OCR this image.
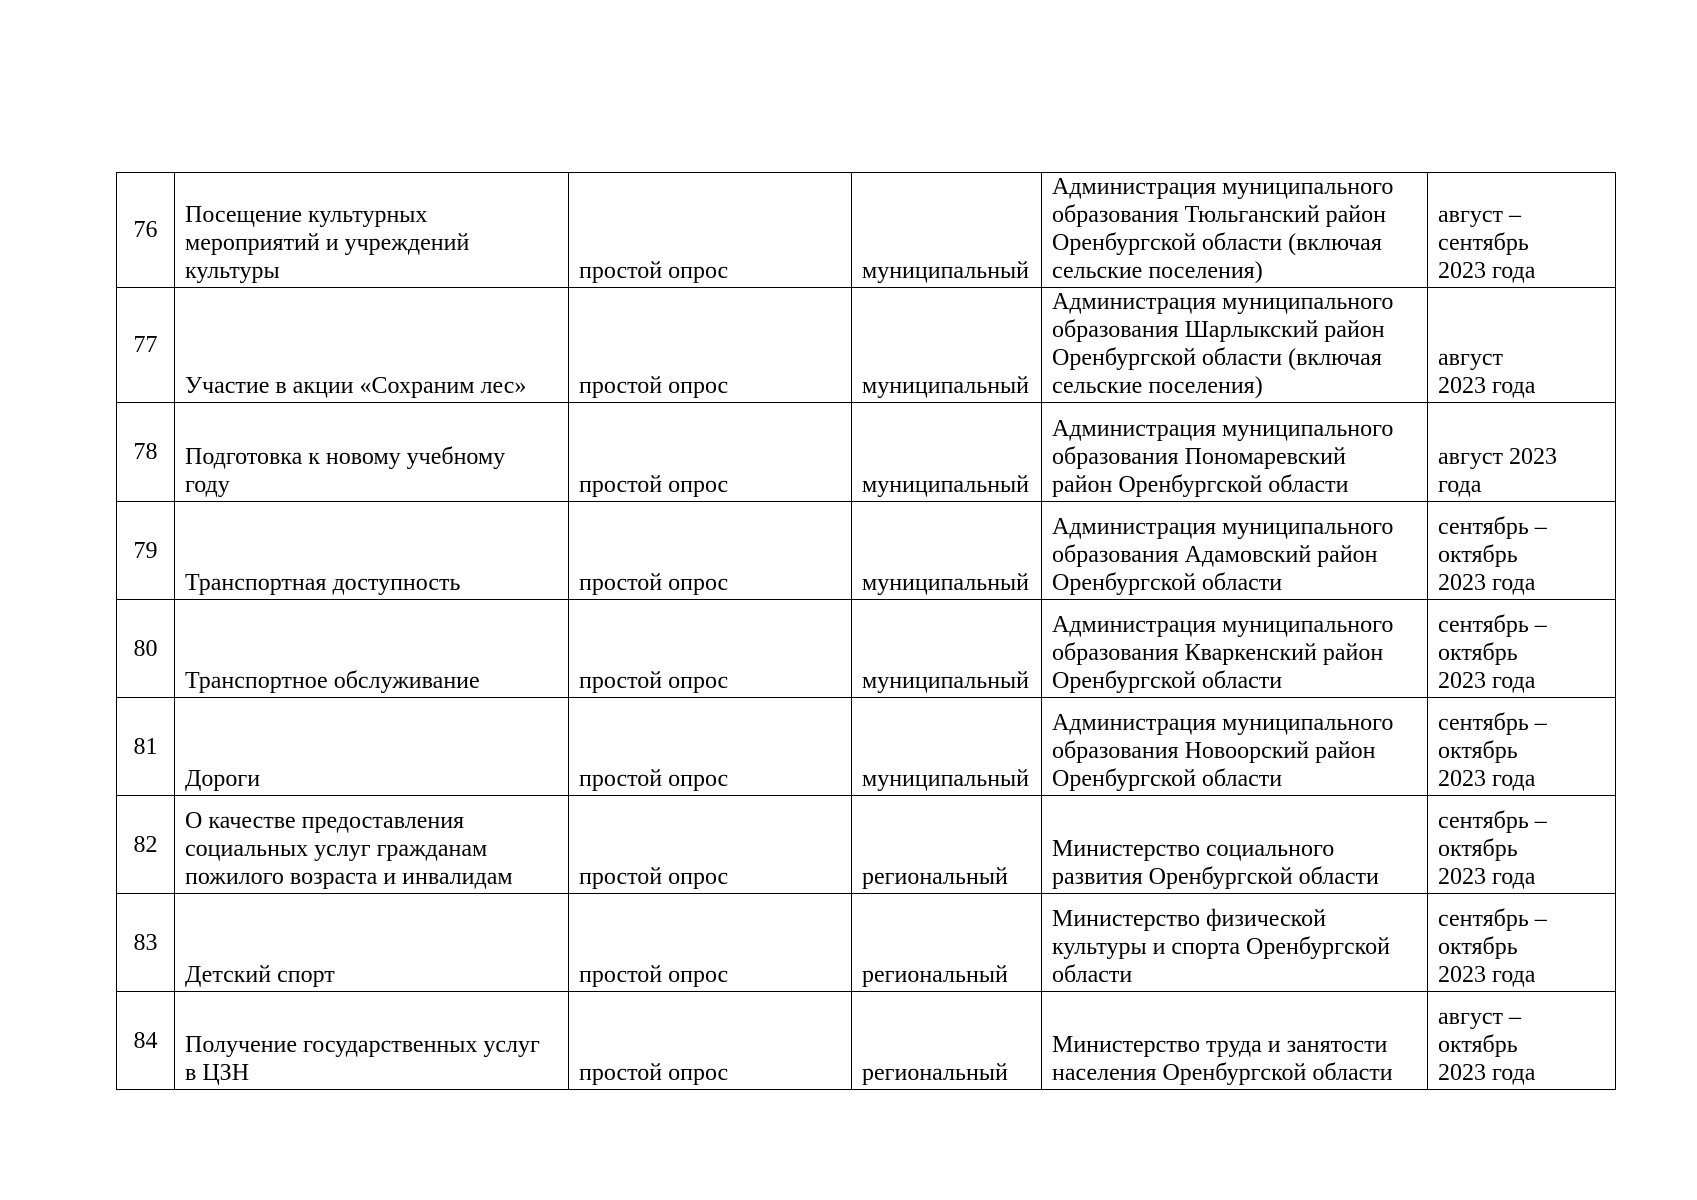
76	Посещение культурных
мероприятий и учреждений
культуры	простой опрос	муниципальный	Администрация муниципального
образования Тюльганский район
Оренбургской области (включая
сельские поселения)	август –
сентябрь
2023 года
77	Участие в акции «Сохраним лес»	простой опрос	муниципальный	Администрация муниципального
образования Шарлыкский район
Оренбургской области (включая
сельские поселения)	август
2023 года
78	Подготовка к новому учебному
году	простой опрос	муниципальный	Администрация муниципального
образования Пономаревский
район Оренбургской области	август 2023
года
79	Транспортная доступность	простой опрос	муниципальный	Администрация муниципального
образования Адамовский район
Оренбургской области	сентябрь –
октябрь
2023 года
80	Транспортное обслуживание	простой опрос	муниципальный	Администрация муниципального
образования Кваркенский район
Оренбургской области	сентябрь –
октябрь
2023 года
81	Дороги	простой опрос	муниципальный	Администрация муниципального
образования Новоорский район
Оренбургской области	сентябрь –
октябрь
2023 года
82	О качестве предоставления
социальных услуг гражданам
пожилого возраста и инвалидам	простой опрос	региональный	Министерство социального
развития Оренбургской области	сентябрь –
октябрь
2023 года
83	Детский спорт	простой опрос	региональный	Министерство физической
культуры и спорта Оренбургской
области	сентябрь –
октябрь
2023 года
84	Получение государственных услуг
в ЦЗН	простой опрос	региональный	Министерство труда и занятости
населения Оренбургской области	август –
октябрь
2023 года
